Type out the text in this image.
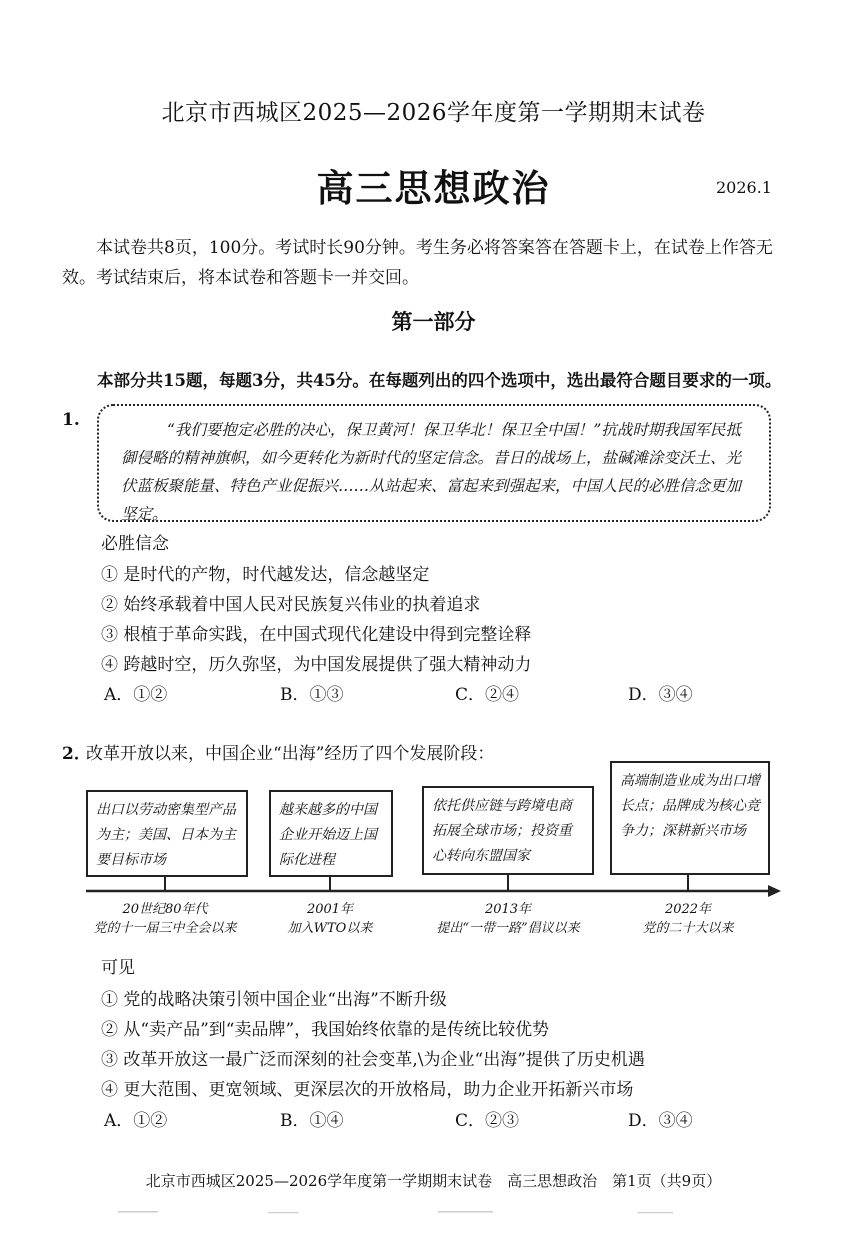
北京市西城区2025—2026学年度第一学期期末试卷
高三思想政治	2026.1
本试卷共8页，100分。考试时长90分钟。考生务必将答案答在答题卡上，在试卷上作答无效。考试结束后，将本试卷和答题卡一并交回。
第一部分
本部分共15题，每题3分，共45分。在每题列出的四个选项中，选出最符合题目要求的一项。
1.	“我们要抱定必胜的决心，保卫黄河！保卫华北！保卫全中国！”抗战时期我国军民抵御侵略的精神旗帜，如今更转化为新时代的坚定信念。昔日的战场上，盐碱滩涂变沃土、光伏蓝板聚能量、特色产业促振兴……从站起来、富起来到强起来，中国人民的必胜信念更加坚定。
必胜信念
① 是时代的产物，时代越发达，信念越坚定
② 始终承载着中国人民对民族复兴伟业的执着追求
③ 根植于革命实践，在中国式现代化建设中得到完整诠释
④ 跨越时空，历久弥坚，为中国发展提供了强大精神动力
A．①②	B．①③	C．②④	D．③④
2．
改革开放以来，中国企业“出海”经历了四个发展阶段：
出口以劳动密集型产品为主；美国、日本为主要目标市场
越来越多的中国企业开始迈上国际化进程
依托供应链与跨境电商拓展全球市场；投资重心转向东盟国家
高端制造业成为出口增长点；品牌成为核心竞争力；深耕新兴市场
20世纪80年代
党的十一届三中全会以来
2001年
加入WTO以来
2013年
提出“一带一路”倡议以来
2022年
党的二十大以来
可见
① 党的战略决策引领中国企业“出海”不断升级
② 从“卖产品”到“卖品牌”，我国始终依靠的是传统比较优势
③ 改革开放这一最广泛而深刻的社会变革,\为企业“出海”提供了历史机遇
④ 更大范围、更宽领域、更深层次的开放格局，助力企业开拓新兴市场
A．①②	B．①④	C．②③	D．③④
北京市西城区2025—2026学年度第一学期期末试卷　高三思想政治　第1页（共9页）
